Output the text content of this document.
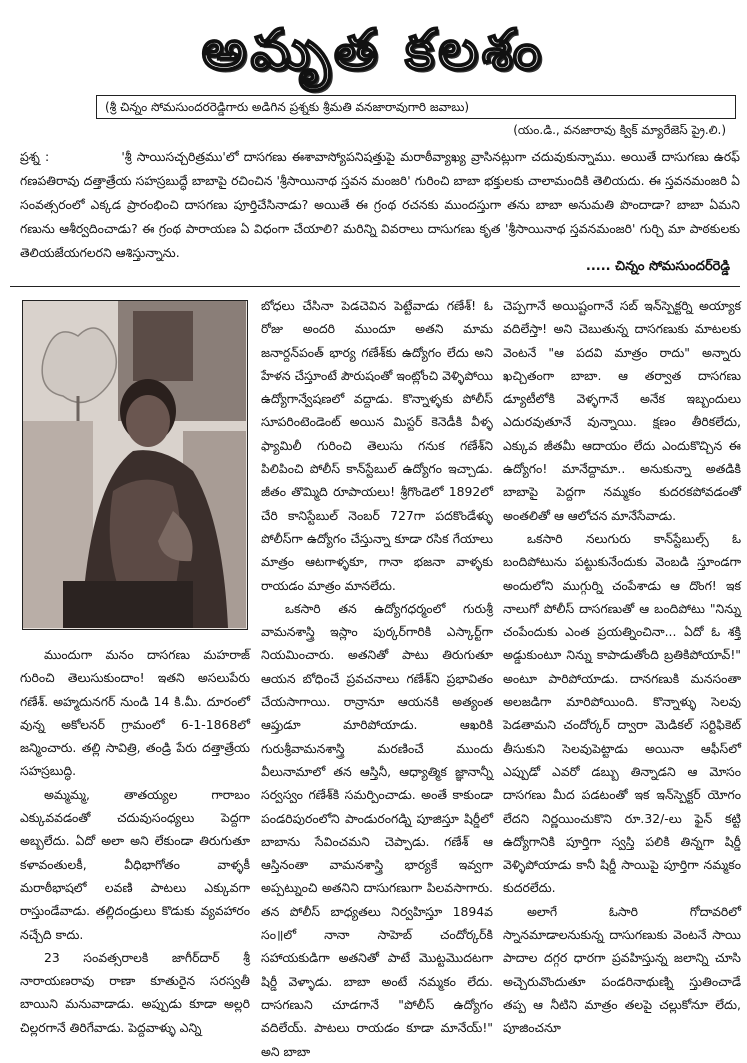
అమృత కలశం
(శ్రీ చిన్నం సోమసుందరరెడ్డిగారు అడిగిన ప్రశ్నకు శ్రీమతి వనజారావుగారి జవాబు)
(యం.డి., వనజారావు క్విక్ మ్యారేజెస్ ప్రై.లి.)

ప్రశ్న :	'శ్రీ సాయిసచ్చరిత్రము'లో దాసగణు ఈశావాస్యోపనిషత్తుపై మరాఠీవ్యాఖ్య వ్రాసినట్లుగా చదువుకున్నాము. అయితే దాసుగణు ఉరఫ్ గణపతిరావు దత్తాత్రేయ సహస్రబుద్ధే బాబాపై రచించిన 'శ్రీసాయినాథ స్తవన మంజరి' గురించి బాబా భక్తులకు చాలామందికి తెలియదు. ఈ స్తవనమంజరి ఏ సంవత్సరంలో ఎక్కడ ప్రారంభించి దాసగణు పూర్తిచేసినాడు? అయితే ఈ గ్రంథ రచనకు ముందస్తుగా తను బాబా అనుమతి పొందాడా? బాబా ఏమని గణును ఆశీర్వదించాడు? ఈ గ్రంథ పారాయణ ఏ విధంగా చేయాలి? మరిన్ని వివరాలు దాసుగణు కృత 'శ్రీసాయినాథ స్తవనమంజరి' గుర్చి మా పాఠకులకు తెలియజేయగలరని ఆశిస్తున్నాను.

..... చిన్నం సోమసుందర్‌రెడ్డి

ముందుగా మనం దాసగణు మహరాజ్ గురించి తెలుసుకుందాం! ఇతని అసలుపేరు గణేశ్. అహ్మదునగర్ నుండి 14 కి.మీ. దూరంలో వున్న అకోలనర్ గ్రామంలో 6-1-1868లో జన్మించారు. తల్లి సావిత్రి, తండ్రి పేరు దత్తాత్రేయ సహస్రబుద్ధి.

అమ్మమ్మ, తాతయ్యల గారాబం ఎక్కువవడంతో చదువుసంధ్యలు పెద్దగా అబ్బలేదు. ఏదో అలా అని లేకుండా తిరుగుతూ కళావంతులకీ, వీధిభాగోతం వాళ్ళకీ మరాఠీభాషలో లవణి పాటలు ఎక్కువగా రాస్తుండేవాడు. తల్లిదండ్రులు కొడుకు వ్యవహారం నచ్చేది కాదు.

23 సంవత్సరాలకి జాగీర్‌దార్ శ్రీ నారాయణరావు రాణా కూతురైన సరస్వతీ బాయిని మనువాడాడు. అప్పుడు కూడా అల్లరి చిల్లరగానే తిరిగేవాడు. పెద్దవాళ్ళు ఎన్ని

బోధలు చేసినా పెడచెవిన పెట్టేవాడు గణేశ్! ఓ రోజు అందరి ముందూ అతని మామ జనార్దన్‌పంత్ భార్య గణేశ్‌కు ఉద్యోగం లేదు అని హేళన చేస్తూంటే పౌరుషంతో ఇంట్లోంచి వెళ్ళిపోయి ఉద్యోగాన్వేషణలో వద్దాడు. కొన్నాళ్ళకు పోలీస్ సూపరింటెండెంట్ అయిన మిస్టర్ కెనెడీకి వీళ్ళ ఫ్యామిలీ గురించి తెలుసు గనుక గణేశ్‌ని పిలిపించి పోలీస్ కాన్‌స్టేబుల్ ఉద్యోగం ఇచ్చాడు. జీతం తొమ్మిది రూపాయలు! శ్రీగొండెలో 1892లో చేరి కానిస్టేబుల్ నెంబర్ 727గా పదకొండేళ్ళు పోలీస్‌గా ఉద్యోగం చేస్తున్నా కూడా రసిక గేయాలు మాత్రం ఆటగాళ్ళకూ, గానా భజనా వాళ్ళకు రాయడం మాత్రం మానలేదు.

ఒకసారి తన ఉద్యోగధర్మంలో గురుశ్రీ వామనశాస్త్రి ఇస్లాం పుర్కర్‌గారికి ఎస్కార్ట్‌గా నియమించారు. అతనితో పాటు తిరుగుతూ ఆయన బోధించే ప్రవచనాలు గణేశ్‌ని ప్రభావితం చేయసాగాయి. రాన్రానూ ఆయనకి అత్యంత ఆప్తుడూ మారిపోయాడు. ఆఖరికి గురుశ్రీవామనశాస్త్రి మరణించే ముందు వీలునామాలో తన ఆస్తినీ, ఆధ్యాత్మిక జ్ఞానాన్నీ సర్వస్వం గణేశ్‌కి సమర్పించాడు. అంతే కాకుండా పండరిపురంలోని పాండురంగడ్ని పూజిస్తూ షిర్డీలో బాబాను సేవించమని చెప్పాడు. గణేశ్ ఆ ఆస్తినంతా వామనశాస్త్రి భార్యకే ఇవ్వగా అప్పట్నుంచి అతనిని దాసుగణుగా పిలవసాగారు. తన పోలీస్ బాధ్యతలు నిర్వహిస్తూ 1894వ సం॥లో నానా సాహెబ్ చందోర్కర్‌కి సహాయకుడిగా అతనితో పాటే మొట్టమొదటగా షిర్డీ వెళ్ళాడు. బాబా అంటే నమ్మకం లేదు. దాసగణుని చూడగానే "పోలీస్ ఉద్యోగం వదిలేయ్. పాటలు రాయడం కూడా మానేయ్!" అని బాబా

చెప్పగానే అయిష్టంగానే సబ్ ఇన్‌స్పెక్టర్ని అయ్యాక వదిలేస్తా! అని చెబుతున్న దాసగణుకు మాటలకు వెంటనే "ఆ పదవి మాత్రం రాదు" అన్నారు ఖచ్చితంగా బాబా. ఆ తర్వాత దాసగణు డ్యూటీలోకి వెళ్ళగానే అనేక ఇబ్బందులు ఎదురవుతూనే వున్నాయి. క్షణం తీరికలేదు, ఎక్కువ జీతమీ ఆదాయం లేదు ఎందుకొచ్చిన ఈ ఉద్యోగం! మానేద్దామా.. అనుకున్నా అతడికి బాబాపై పెద్దగా నమ్మకం కుదరకపోవడంతో అంతలితో ఆ ఆలోచన మానేసేవాడు.

ఒకసారి నలుగురు కాన్‌స్టేబుల్స్ ఓ బందిపోటును పట్టుకునేందుకు వెంబడి స్తూండగా అందులోని ముగ్గుర్ని చంపేశాడు ఆ దొంగ! ఇక నాలుగో పోలీస్ దాసగణుతో ఆ బందిపోటు "నిన్ను చంపేందుకు ఎంత ప్రయత్నించినా... ఏదో ఓ శక్తి అడ్డుకుంటూ నిన్ను కాపాడుతోంది బ్రతికిపోయావ్!" అంటూ పారిపోయాడు. దానగణుకి మనసంతా అలజడిగా మారిపోయింది. కొన్నాళ్ళు సెలవు పెడతామని చందోర్కర్ ద్వారా మెడికల్ సర్టిఫికెట్ తీసుకుని సెలవుపెట్టాడు అయినా ఆఫీస్‌లో ఎప్పుడో ఎవరో డబ్బు తిన్నాడని ఆ మోసం దాసగణు మీద పడటంతో ఇక ఇన్‌స్పెక్టర్ యోగం లేదని నిర్ణయించుకొని రూ.32/-లు ఫైన్ కట్టి ఉద్యోగానికి పూర్తిగా స్వస్తి పలికి తిన్నగా షిర్డీ వెళ్ళిపోయాడు కానీ షిర్డీ సాయిపై పూర్తిగా నమ్మకం కుదరలేదు.

అలాగే ఓసారి గోదావరిలో స్నానమాడాలనుకున్న దాసుగణుకు వెంటనే సాయి పాదాల దగ్గర ధారగా ప్రవహిస్తున్న జలాన్ని చూసి అచ్చెరువొందుతూ పండరినాథుణ్ని స్తుతించాడే తప్ప ఆ నీటిని మాత్రం తలపై చల్లుకోనూ లేదు, పూజించనూ
